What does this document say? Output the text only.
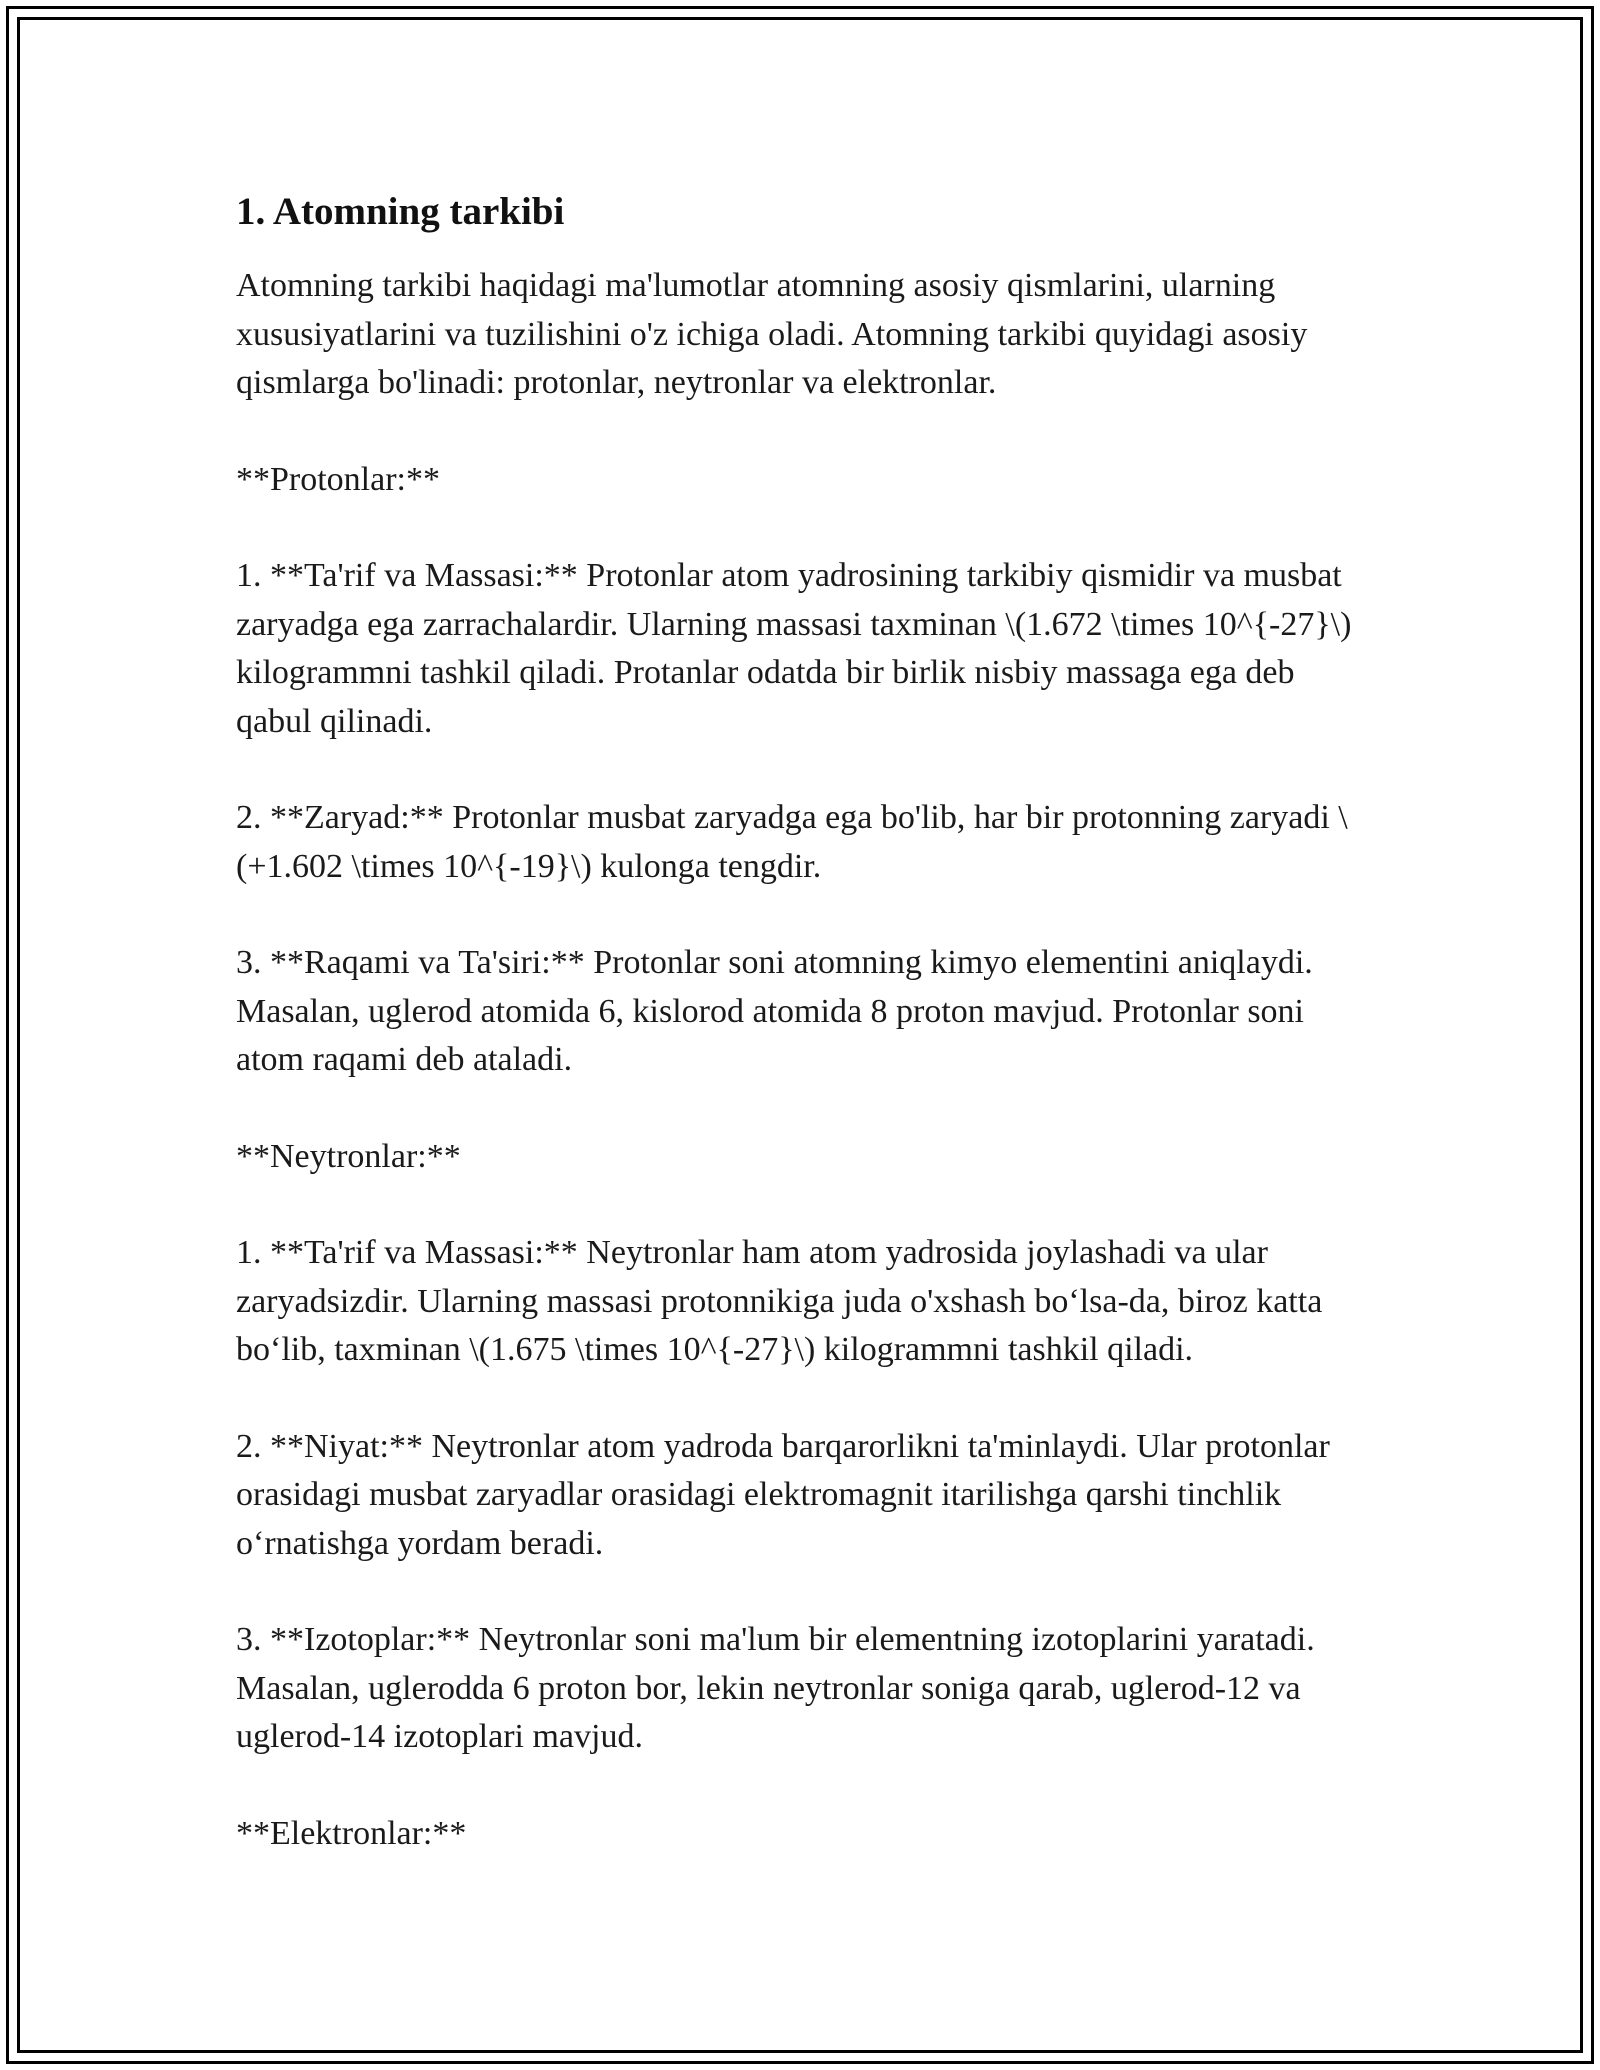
1. Atomning tarkibi

Atomning tarkibi haqidagi ma'lumotlar atomning asosiy qismlarini, ularning xususiyatlarini va tuzilishini o'z ichiga oladi. Atomning tarkibi quyidagi asosiy qismlarga bo'linadi: protonlar, neytronlar va elektronlar.

**Protonlar:**

1. **Ta'rif va Massasi:** Protonlar atom yadrosining tarkibiy qismidir va musbat zaryadga ega zarrachalardir. Ularning massasi taxminan \(1.672 \times 10^{-27}\) kilogrammni tashkil qiladi. Protanlar odatda bir birlik nisbiy massaga ega deb qabul qilinadi.

2. **Zaryad:** Protonlar musbat zaryadga ega bo'lib, har bir protonning zaryadi \(+1.602 \times 10^{-19}\) kulonga tengdir.

3. **Raqami va Ta'siri:** Protonlar soni atomning kimyo elementini aniqlaydi. Masalan, uglerod atomida 6, kislorod atomida 8 proton mavjud. Protonlar soni atom raqami deb ataladi.

**Neytronlar:**

1. **Ta'rif va Massasi:** Neytronlar ham atom yadrosida joylashadi va ular zaryadsizdir. Ularning massasi protonnikiga juda o'xshash bo‘lsa-da, biroz katta bo‘lib, taxminan \(1.675 \times 10^{-27}\) kilogrammni tashkil qiladi.

2. **Niyat:** Neytronlar atom yadroda barqarorlikni ta'minlaydi. Ular protonlar orasidagi musbat zaryadlar orasidagi elektromagnit itarilishga qarshi tinchlik o‘rnatishga yordam beradi.

3. **Izotoplar:** Neytronlar soni ma'lum bir elementning izotoplarini yaratadi. Masalan, uglerodda 6 proton bor, lekin neytronlar soniga qarab, uglerod-12 va uglerod-14 izotoplari mavjud.

**Elektronlar:**
